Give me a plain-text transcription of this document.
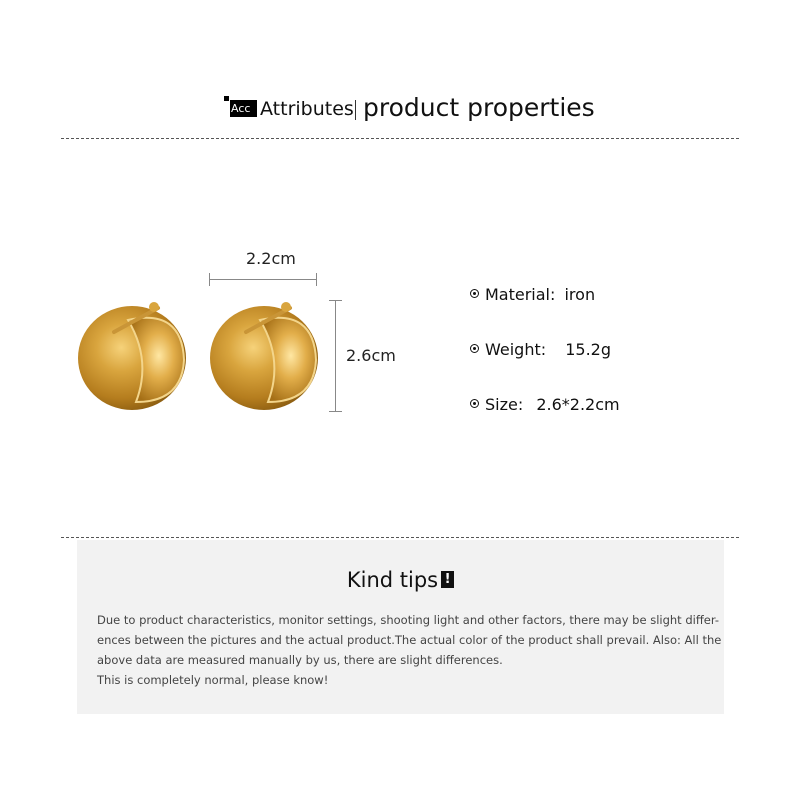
Acc Attributes product properties
2.2cm
2.6cm
Material: iron
Weight: 15.2g
Size: 2.6*2.2cm
Kind tips !

Due to product characteristics, monitor settings, shooting light and other factors, there may be slight differ-

ences between the pictures and the actual product.The actual color of the product shall prevail. Also: All the

above data are measured manually by us, there are slight differences.

This is completely normal, please know!
